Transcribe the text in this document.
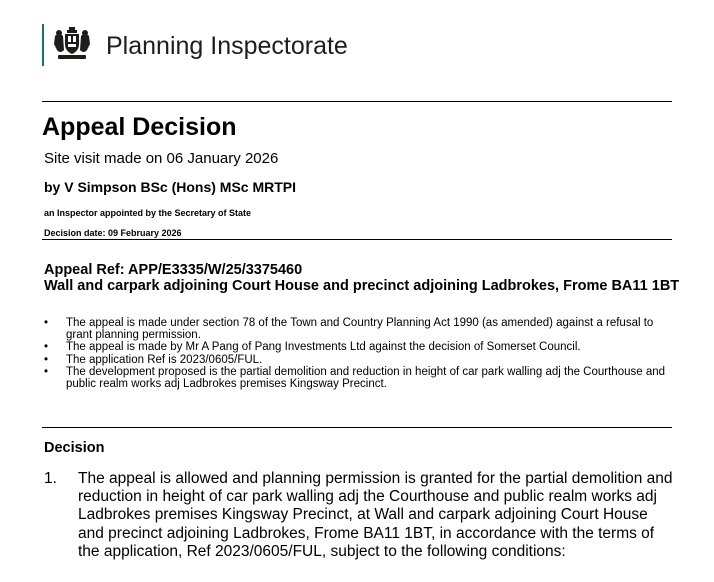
Planning Inspectorate
Appeal Decision
Site visit made on 06 January 2026
by V Simpson BSc (Hons) MSc MRTPI
an Inspector appointed by the Secretary of State
Decision date: 09 February 2026
Appeal Ref: APP/E3335/W/25/3375460
Wall and carpark adjoining Court House and precinct adjoining Ladbrokes, Frome BA11 1BT
• The appeal is made under section 78 of the Town and Country Planning Act 1990 (as amended) against a refusal to grant planning permission.
• The appeal is made by Mr A Pang of Pang Investments Ltd against the decision of Somerset Council.
• The application Ref is 2023/0605/FUL.
• The development proposed is the partial demolition and reduction in height of car park walling adj the Courthouse and public realm works adj Ladbrokes premises Kingsway Precinct.
Decision
1. The appeal is allowed and planning permission is granted for the partial demolition and reduction in height of car park walling adj the Courthouse and public realm works adj Ladbrokes premises Kingsway Precinct, at Wall and carpark adjoining Court House and precinct adjoining Ladbrokes, Frome BA11 1BT, in accordance with the terms of the application, Ref 2023/0605/FUL, subject to the following conditions:
